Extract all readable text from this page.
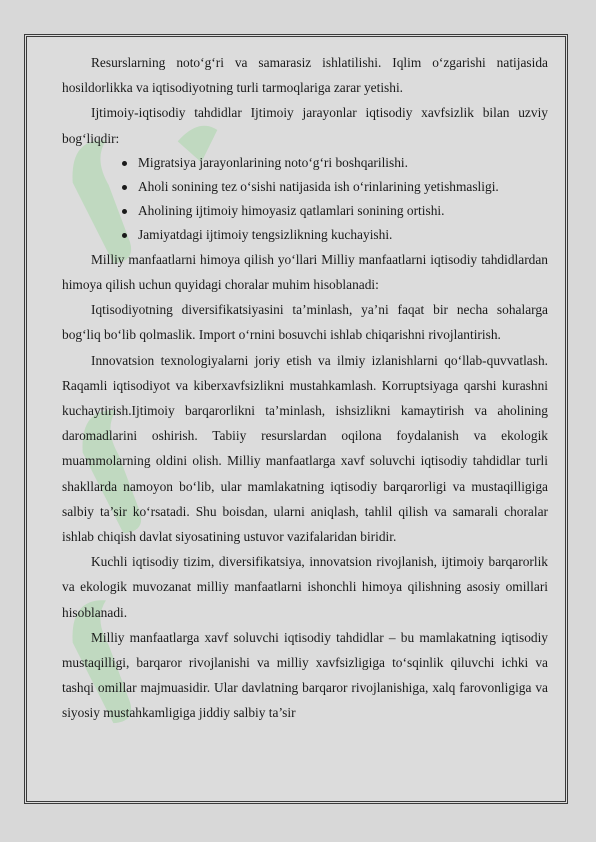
Resurslarning noto‘g‘ri va samarasiz ishlatilishi. Iqlim o‘zgarishi natijasida hosildorlikka va iqtisodiyotning turli tarmoqlariga zarar yetishi.

Ijtimoiy-iqtisodiy tahdidlar Ijtimoiy jarayonlar iqtisodiy xavfsizlik bilan uzviy bog‘liqdir:

Migratsiya jarayonlarining noto‘g‘ri boshqarilishi.
Aholi sonining tez o‘sishi natijasida ish o‘rinlarining yetishmasligi.
Aholining ijtimoiy himoyasiz qatlamlari sonining ortishi.
Jamiyatdagi ijtimoiy tengsizlikning kuchayishi.

Milliy manfaatlarni himoya qilish yo‘llari Milliy manfaatlarni iqtisodiy tahdidlardan himoya qilish uchun quyidagi choralar muhim hisoblanadi:

Iqtisodiyotning diversifikatsiyasini ta’minlash, ya’ni faqat bir necha sohalarga bog‘liq bo‘lib qolmaslik. Import o‘rnini bosuvchi ishlab chiqarishni rivojlantirish.

Innovatsion texnologiyalarni joriy etish va ilmiy izlanishlarni qo‘llab-quvvatlash. Raqamli iqtisodiyot va kiberxavfsizlikni mustahkamlash. Korruptsiyaga qarshi kurashni kuchaytirish.Ijtimoiy barqarorlikni ta’minlash, ishsizlikni kamaytirish va aholining daromadlarini oshirish. Tabiiy resurslardan oqilona foydalanish va ekologik muammolarning oldini olish. Milliy manfaatlarga xavf soluvchi iqtisodiy tahdidlar turli shakllarda namoyon bo‘lib, ular mamlakatning iqtisodiy barqarorligi va mustaqilligiga salbiy ta’sir ko‘rsatadi. Shu boisdan, ularni aniqlash, tahlil qilish va samarali choralar ishlab chiqish davlat siyosatining ustuvor vazifalaridan biridir.

Kuchli iqtisodiy tizim, diversifikatsiya, innovatsion rivojlanish, ijtimoiy barqarorlik va ekologik muvozanat milliy manfaatlarni ishonchli himoya qilishning asosiy omillari hisoblanadi.

Milliy manfaatlarga xavf soluvchi iqtisodiy tahdidlar – bu mamlakatning iqtisodiy mustaqilligi, barqaror rivojlanishi va milliy xavfsizligiga to‘sqinlik qiluvchi ichki va tashqi omillar majmuasidir. Ular davlatning barqaror rivojlanishiga, xalq farovonligiga va siyosiy mustahkamligiga jiddiy salbiy ta’sir
